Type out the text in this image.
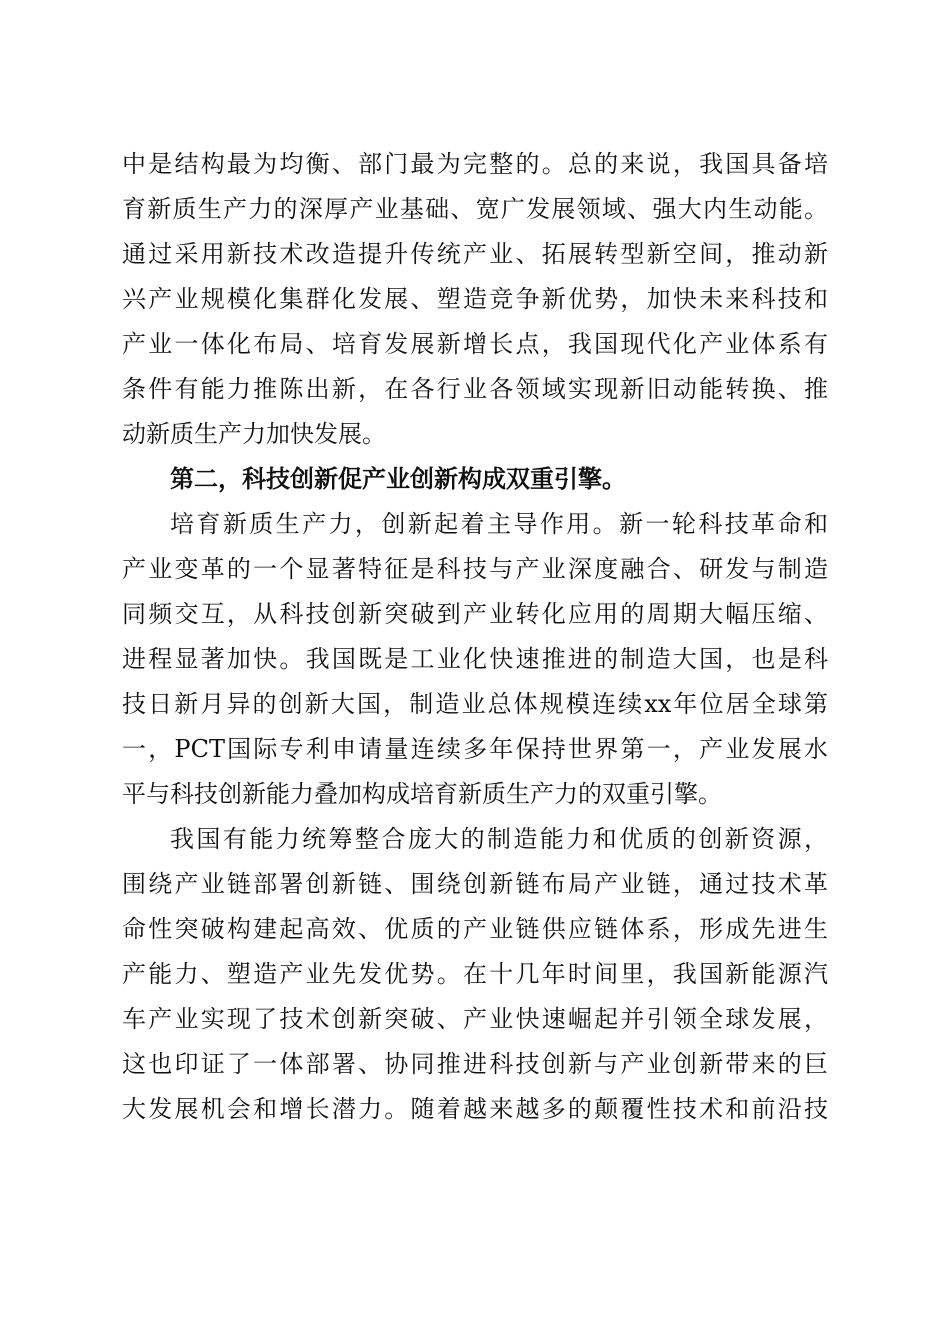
中是结构最为均衡、部门最为完整的。总的来说，我国具备培
育新质生产力的深厚产业基础、宽广发展领域、强大内生动能。
通过采用新技术改造提升传统产业、拓展转型新空间，推动新
兴产业规模化集群化发展、塑造竞争新优势，加快未来科技和
产业一体化布局、培育发展新增长点，我国现代化产业体系有
条件有能力推陈出新，在各行业各领域实现新旧动能转换、推
动新质生产力加快发展。
第二，科技创新促产业创新构成双重引擎。
培育新质生产力，创新起着主导作用。新一轮科技革命和
产业变革的一个显著特征是科技与产业深度融合、研发与制造
同频交互，从科技创新突破到产业转化应用的周期大幅压缩、
进程显著加快。我国既是工业化快速推进的制造大国，也是科
技日新月异的创新大国，制造业总体规模连续xx年位居全球第
一，PCT国际专利申请量连续多年保持世界第一，产业发展水
平与科技创新能力叠加构成培育新质生产力的双重引擎。
我国有能力统筹整合庞大的制造能力和优质的创新资源，
围绕产业链部署创新链、围绕创新链布局产业链，通过技术革
命性突破构建起高效、优质的产业链供应链体系，形成先进生
产能力、塑造产业先发优势。在十几年时间里，我国新能源汽
车产业实现了技术创新突破、产业快速崛起并引领全球发展，
这也印证了一体部署、协同推进科技创新与产业创新带来的巨
大发展机会和增长潜力。随着越来越多的颠覆性技术和前沿技
